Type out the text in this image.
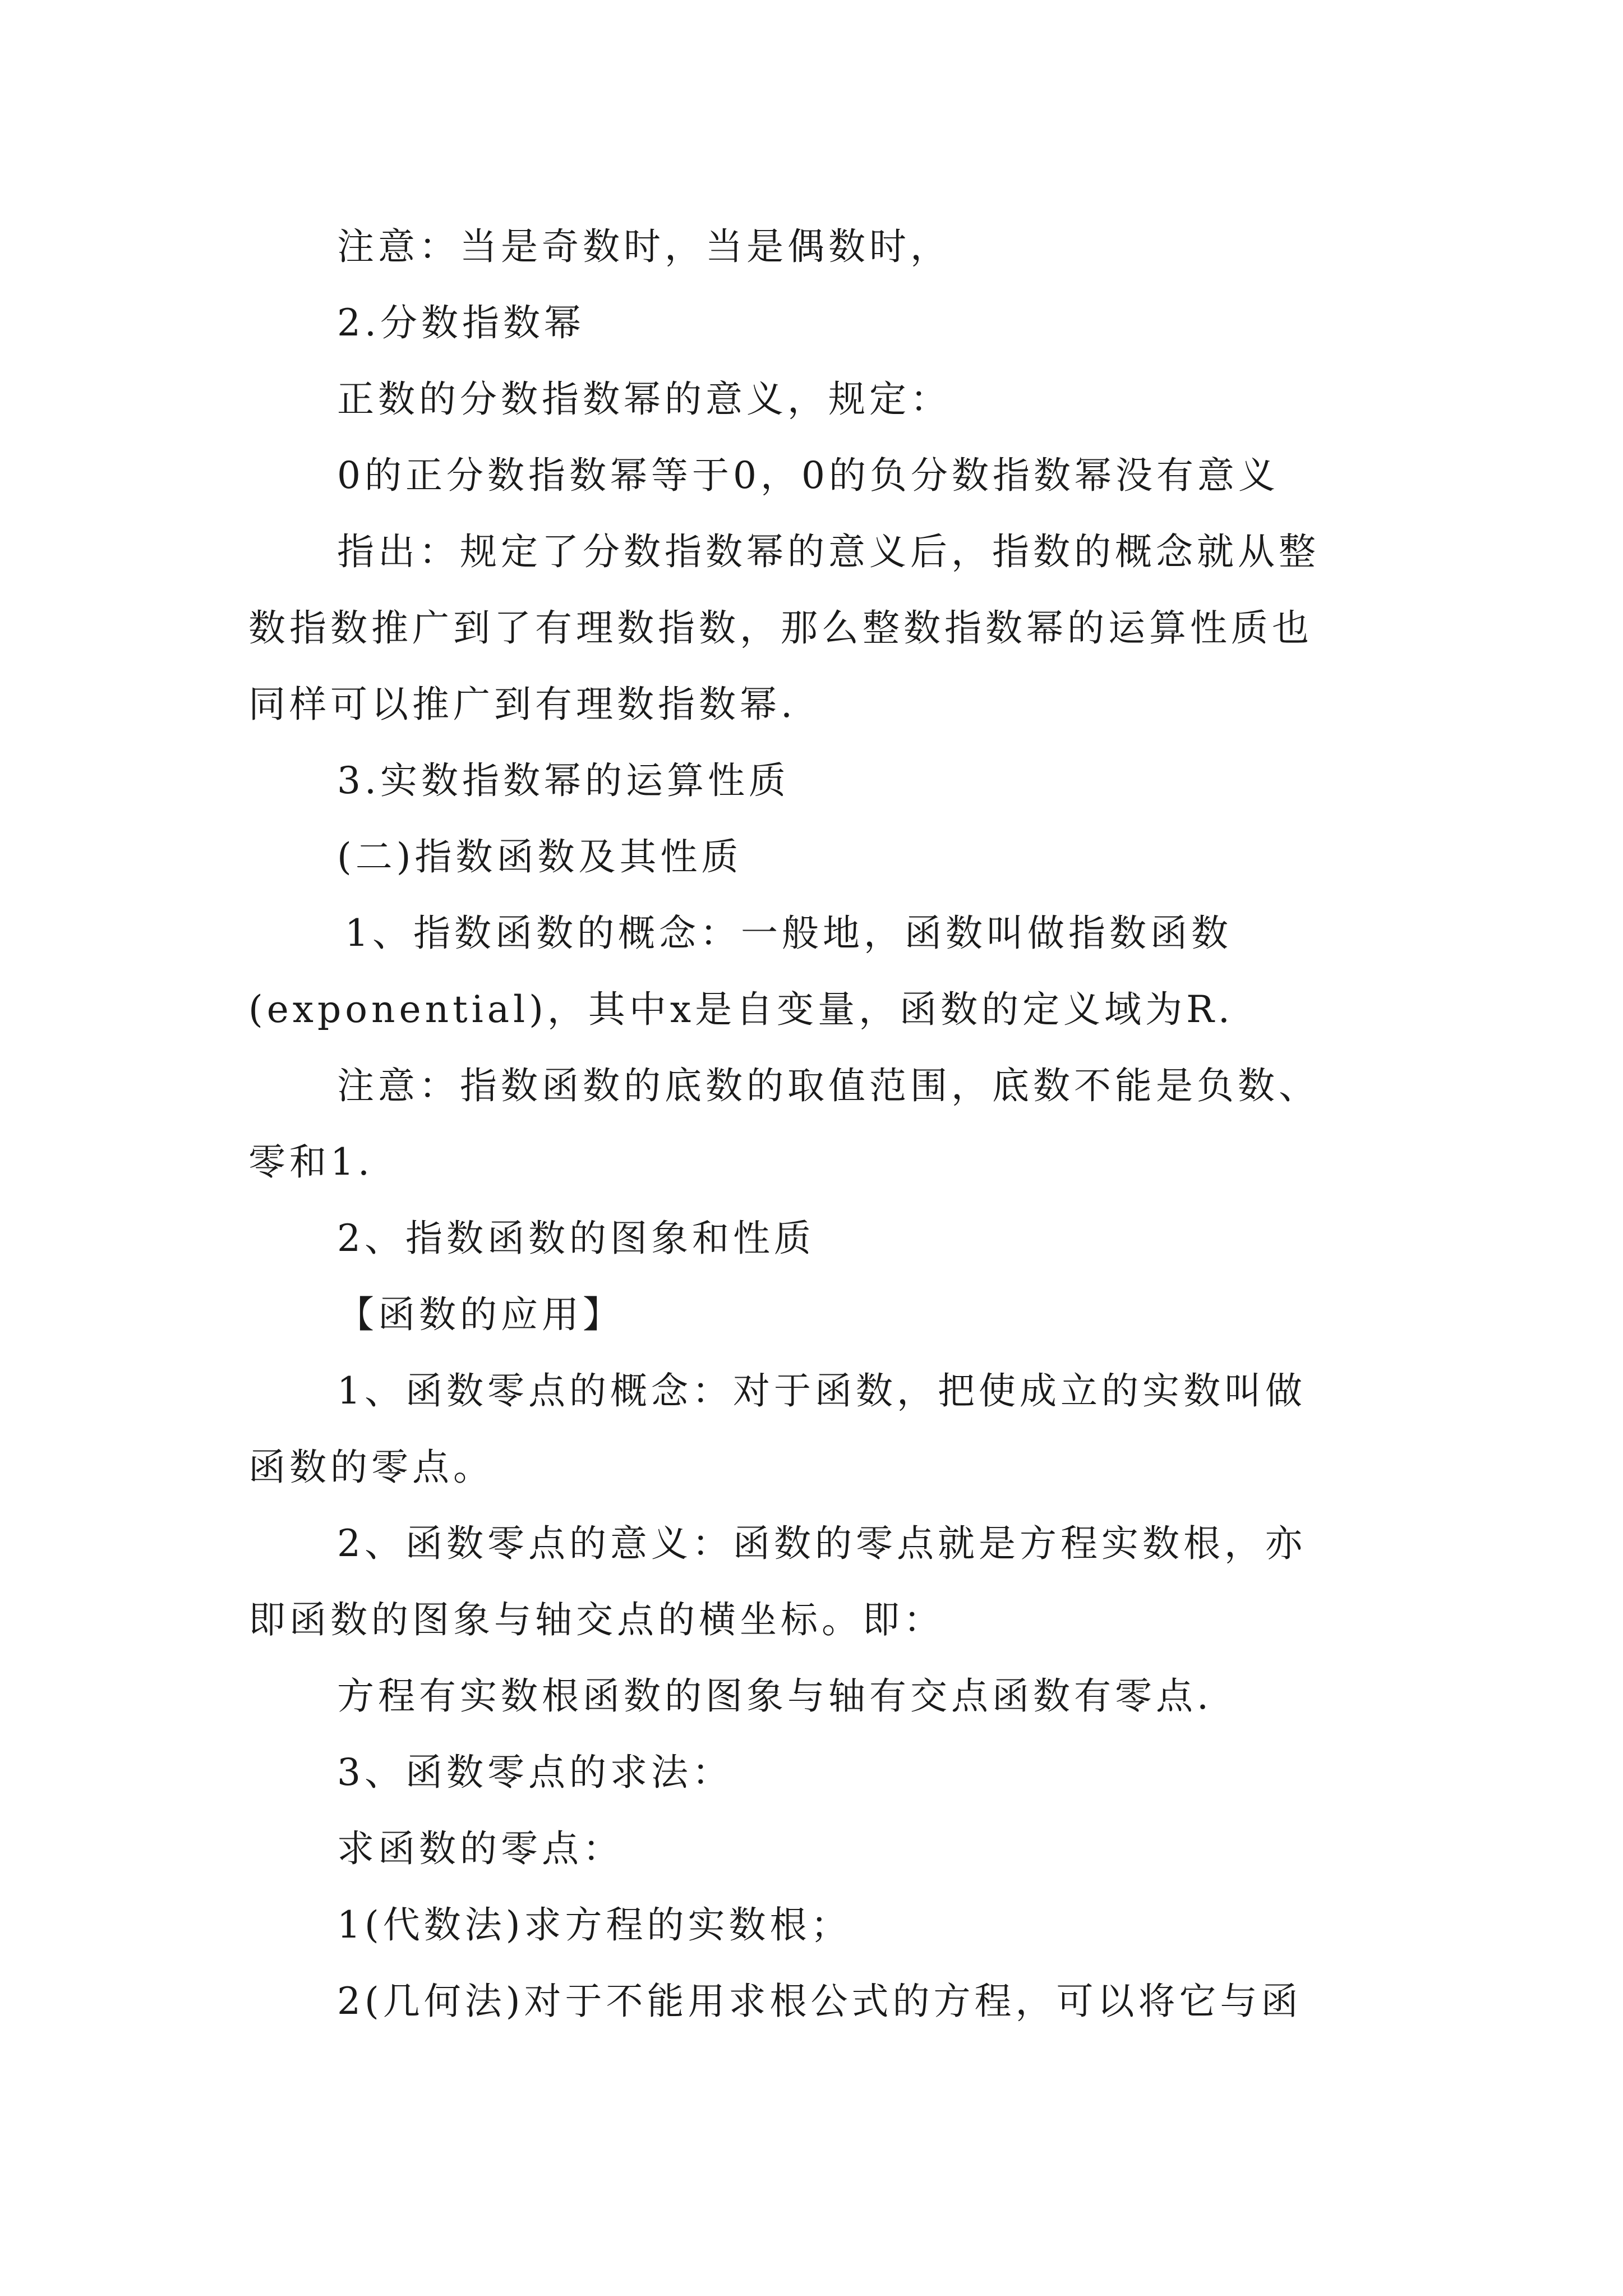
注意：当是奇数时，当是偶数时，
2.分数指数幂
正数的分数指数幂的意义，规定：
0的正分数指数幂等于0，0的负分数指数幂没有意义
指出：规定了分数指数幂的意义后，指数的概念就从整
数指数推广到了有理数指数，那么整数指数幂的运算性质也
同样可以推广到有理数指数幂.
3.实数指数幂的运算性质
(二)指数函数及其性质
1、指数函数的概念：一般地，函数叫做指数函数
(exponential)，其中x是自变量，函数的定义域为R.
注意：指数函数的底数的取值范围，底数不能是负数、
零和1.
2、指数函数的图象和性质
【函数的应用】
1、函数零点的概念：对于函数，把使成立的实数叫做
函数的零点。
2、函数零点的意义：函数的零点就是方程实数根，亦
即函数的图象与轴交点的横坐标。即：
方程有实数根函数的图象与轴有交点函数有零点.
3、函数零点的求法：
求函数的零点：
1(代数法)求方程的实数根；
2(几何法)对于不能用求根公式的方程，可以将它与函
